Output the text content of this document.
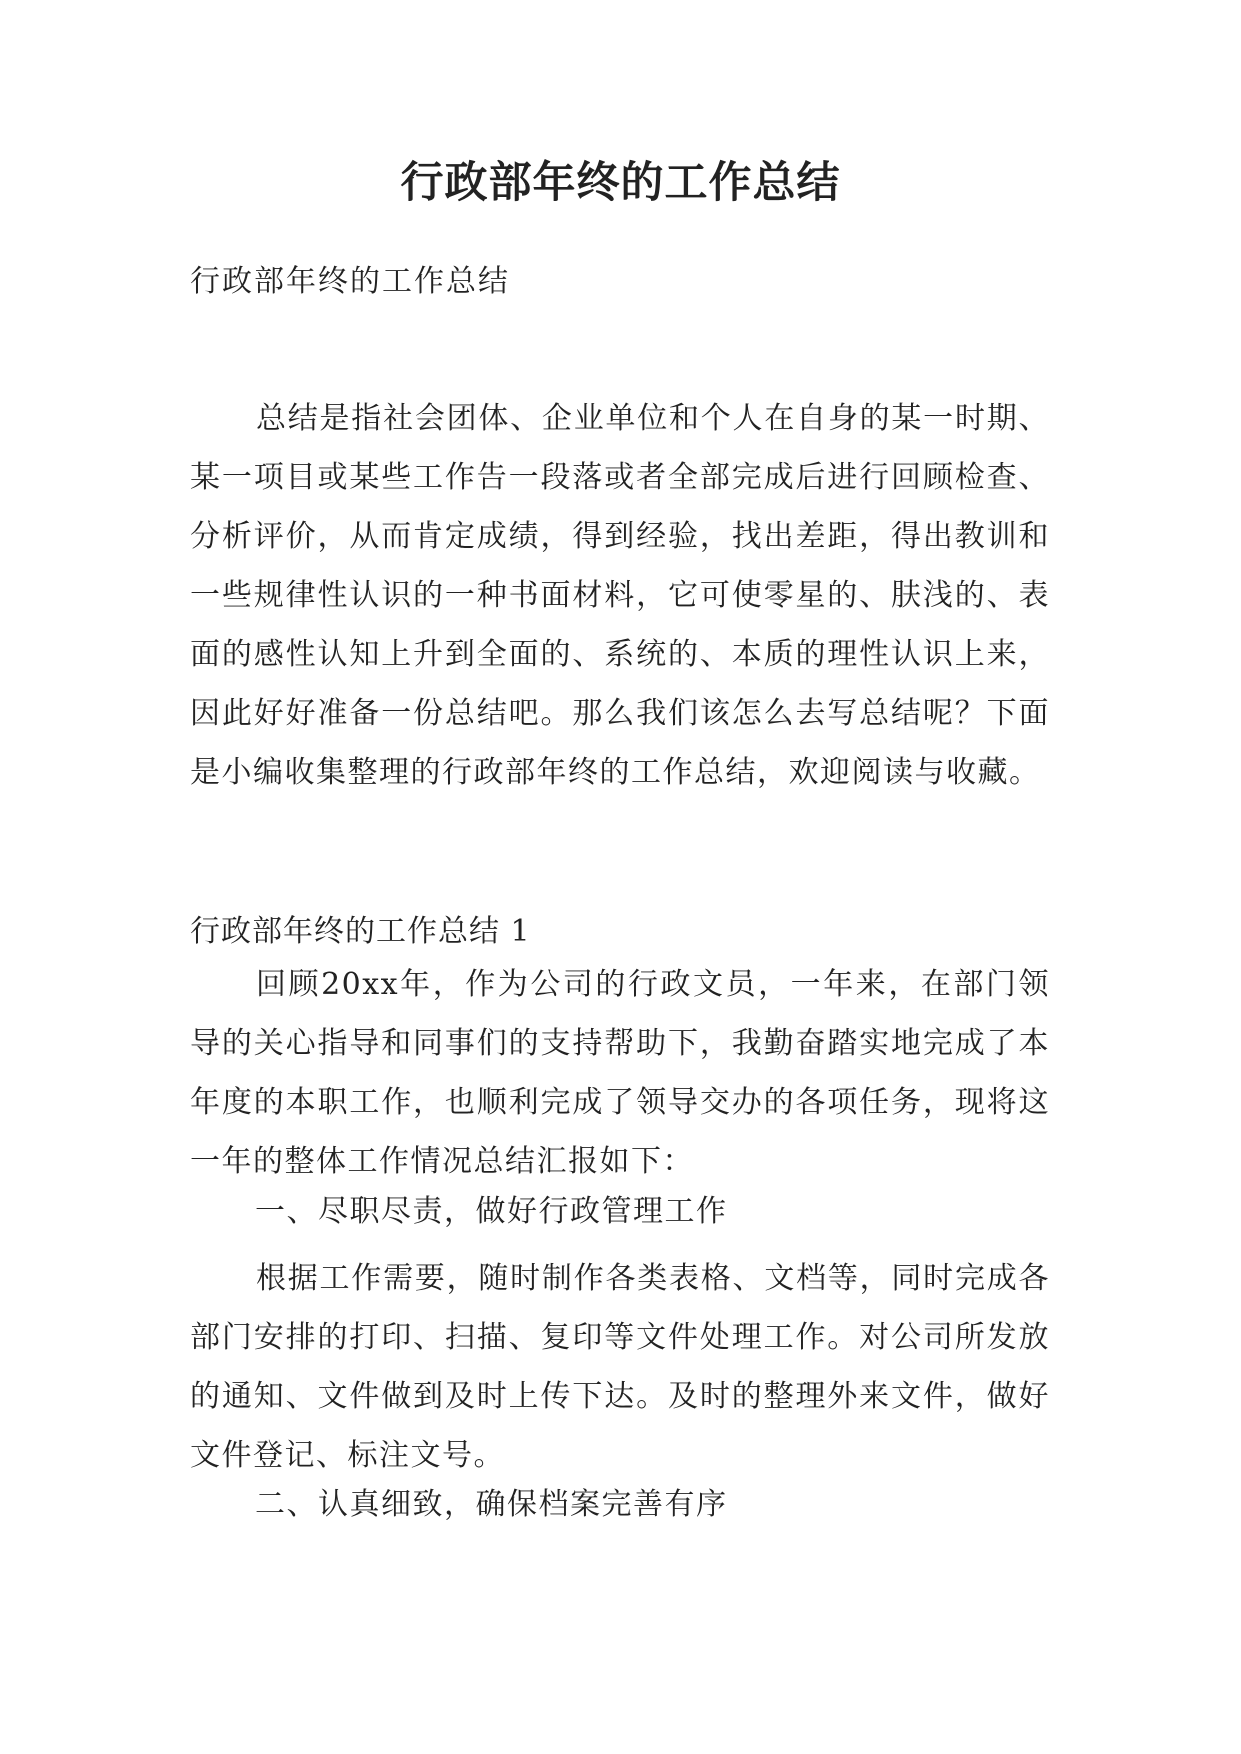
行政部年终的工作总结

行政部年终的工作总结

总结是指社会团体、企业单位和个人在自身的某一时期、某一项目或某些工作告一段落或者全部完成后进行回顾检查、分析评价，从而肯定成绩，得到经验，找出差距，得出教训和一些规律性认识的一种书面材料，它可使零星的、肤浅的、表面的感性认知上升到全面的、系统的、本质的理性认识上来，因此好好准备一份总结吧。那么我们该怎么去写总结呢？下面是小编收集整理的行政部年终的工作总结，欢迎阅读与收藏。

行政部年终的工作总结 1

回顾20xx年，作为公司的行政文员，一年来，在部门领导的关心指导和同事们的支持帮助下，我勤奋踏实地完成了本年度的本职工作，也顺利完成了领导交办的各项任务，现将这一年的整体工作情况总结汇报如下：

一、尽职尽责，做好行政管理工作

根据工作需要，随时制作各类表格、文档等，同时完成各部门安排的打印、扫描、复印等文件处理工作。对公司所发放的通知、文件做到及时上传下达。及时的整理外来文件，做好文件登记、标注文号。

二、认真细致，确保档案完善有序
